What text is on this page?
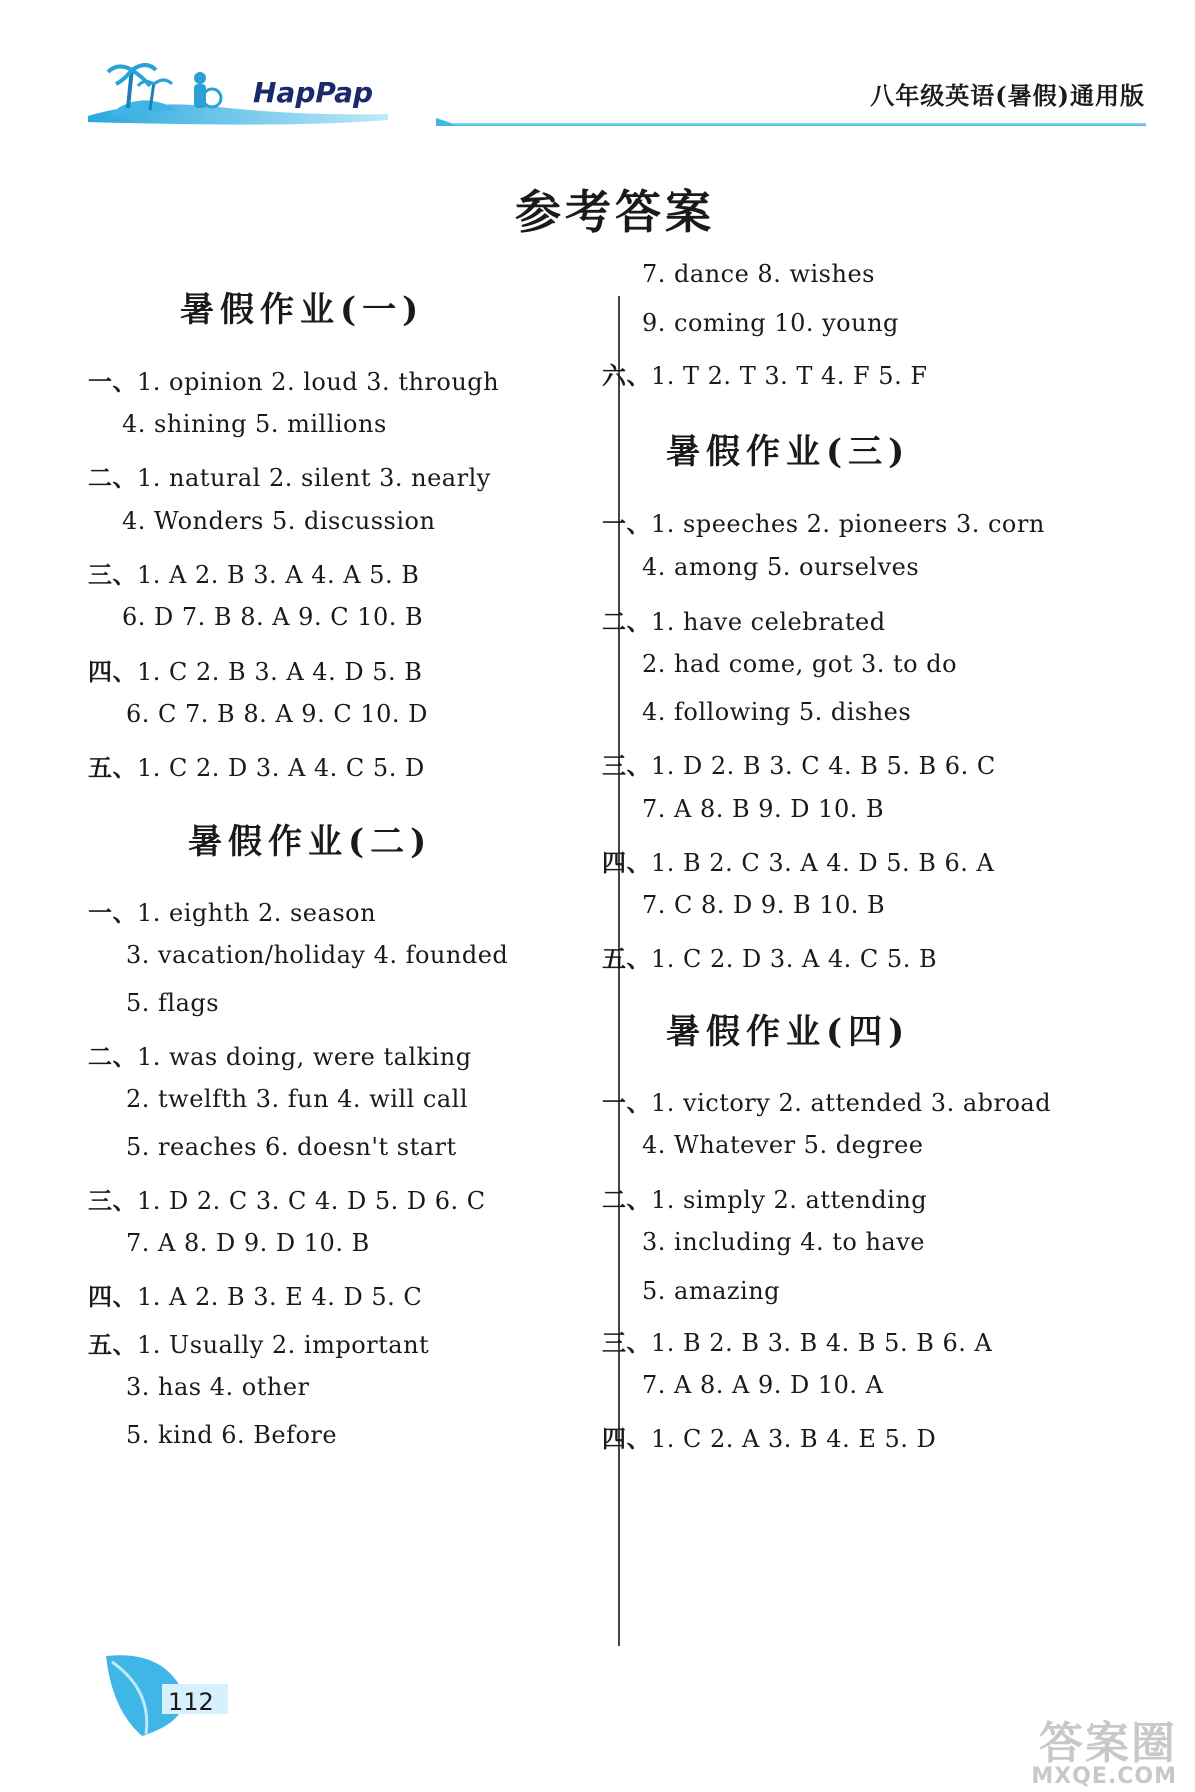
HapPap	八年级英语(暑假)通用版
参考答案
暑假作业(一)
一、1. opinion 2. loud 3. through
4. shining 5. millions
二、1. natural 2. silent 3. nearly
4. Wonders 5. discussion
三、1. A 2. B 3. A 4. A 5. B
6. D 7. B 8. A 9. C 10. B
四、1. C 2. B 3. A 4. D 5. B
6. C 7. B 8. A 9. C 10. D
五、1. C 2. D 3. A 4. C 5. D
暑假作业(二)
一、1. eighth 2. season
3. vacation/holiday 4. founded
5. flags
二、1. was doing, were talking
2. twelfth 3. fun 4. will call
5. reaches 6. doesn't start
三、1. D 2. C 3. C 4. D 5. D 6. C
7. A 8. D 9. D 10. B
四、1. A 2. B 3. E 4. D 5. C
五、1. Usually 2. important
3. has 4. other
5. kind 6. Before
7. dance 8. wishes
9. coming 10. young
六、1. T 2. T 3. T 4. F 5. F
暑假作业(三)
一、1. speeches 2. pioneers 3. corn
4. among 5. ourselves
二、1. have celebrated
2. had come, got 3. to do
4. following 5. dishes
三、1. D 2. B 3. C 4. B 5. B 6. C
7. A 8. B 9. D 10. B
四、1. B 2. C 3. A 4. D 5. B 6. A
7. C 8. D 9. B 10. B
五、1. C 2. D 3. A 4. C 5. B
暑假作业(四)
一、1. victory 2. attended 3. abroad
4. Whatever 5. degree
二、1. simply 2. attending
3. including 4. to have
5. amazing
三、1. B 2. B 3. B 4. B 5. B 6. A
7. A 8. A 9. D 10. A
四、1. C 2. A 3. B 4. E 5. D
112
答案圈
MXQE.COM
